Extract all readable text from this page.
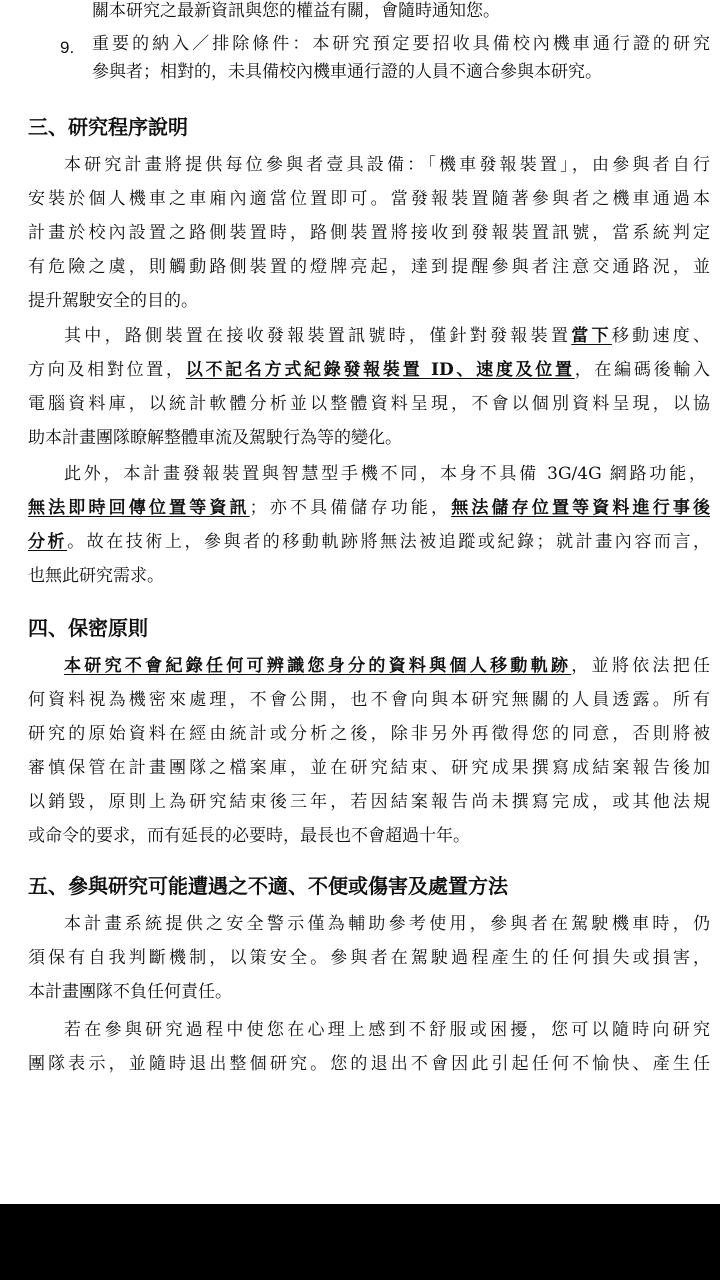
關本研究之最新資訊與您的權益有關，會隨時通知您。
9. 重要的納入／排除條件：本研究預定要招收具備校內機車通行證的研究
參與者；相對的，未具備校內機車通行證的人員不適合參與本研究。
三、研究程序說明
本研究計畫將提供每位參與者壹具設備：「機車發報裝置」，由參與者自行
安裝於個人機車之車廂內適當位置即可。當發報裝置隨著參與者之機車通過本
計畫於校內設置之路側裝置時，路側裝置將接收到發報裝置訊號，當系統判定
有危險之虞，則觸動路側裝置的燈牌亮起，達到提醒參與者注意交通路況，並
提升駕駛安全的目的。
其中，路側裝置在接收發報裝置訊號時，僅針對發報裝置當下移動速度、
方向及相對位置，以不記名方式紀錄發報裝置 ID、速度及位置，在編碼後輸入
電腦資料庫，以統計軟體分析並以整體資料呈現，不會以個別資料呈現，以協
助本計畫團隊瞭解整體車流及駕駛行為等的變化。
此外，本計畫發報裝置與智慧型手機不同，本身不具備 3G/4G 網路功能，
無法即時回傳位置等資訊；亦不具備儲存功能，無法儲存位置等資料進行事後
分析。故在技術上，參與者的移動軌跡將無法被追蹤或紀錄；就計畫內容而言，
也無此研究需求。
四、保密原則
本研究不會紀錄任何可辨識您身分的資料與個人移動軌跡，並將依法把任
何資料視為機密來處理，不會公開，也不會向與本研究無關的人員透露。所有
研究的原始資料在經由統計或分析之後，除非另外再徵得您的同意，否則將被
審慎保管在計畫團隊之檔案庫，並在研究結束、研究成果撰寫成結案報告後加
以銷毀，原則上為研究結束後三年，若因結案報告尚未撰寫完成，或其他法規
或命令的要求，而有延長的必要時，最長也不會超過十年。
五、參與研究可能遭遇之不適、不便或傷害及處置方法
本計畫系統提供之安全警示僅為輔助參考使用，參與者在駕駛機車時，仍
須保有自我判斷機制，以策安全。參與者在駕駛過程產生的任何損失或損害，
本計畫團隊不負任何責任。
若在參與研究過程中使您在心理上感到不舒服或困擾，您可以隨時向研究
團隊表示，並隨時退出整個研究。您的退出不會因此引起任何不愉快、產生任
